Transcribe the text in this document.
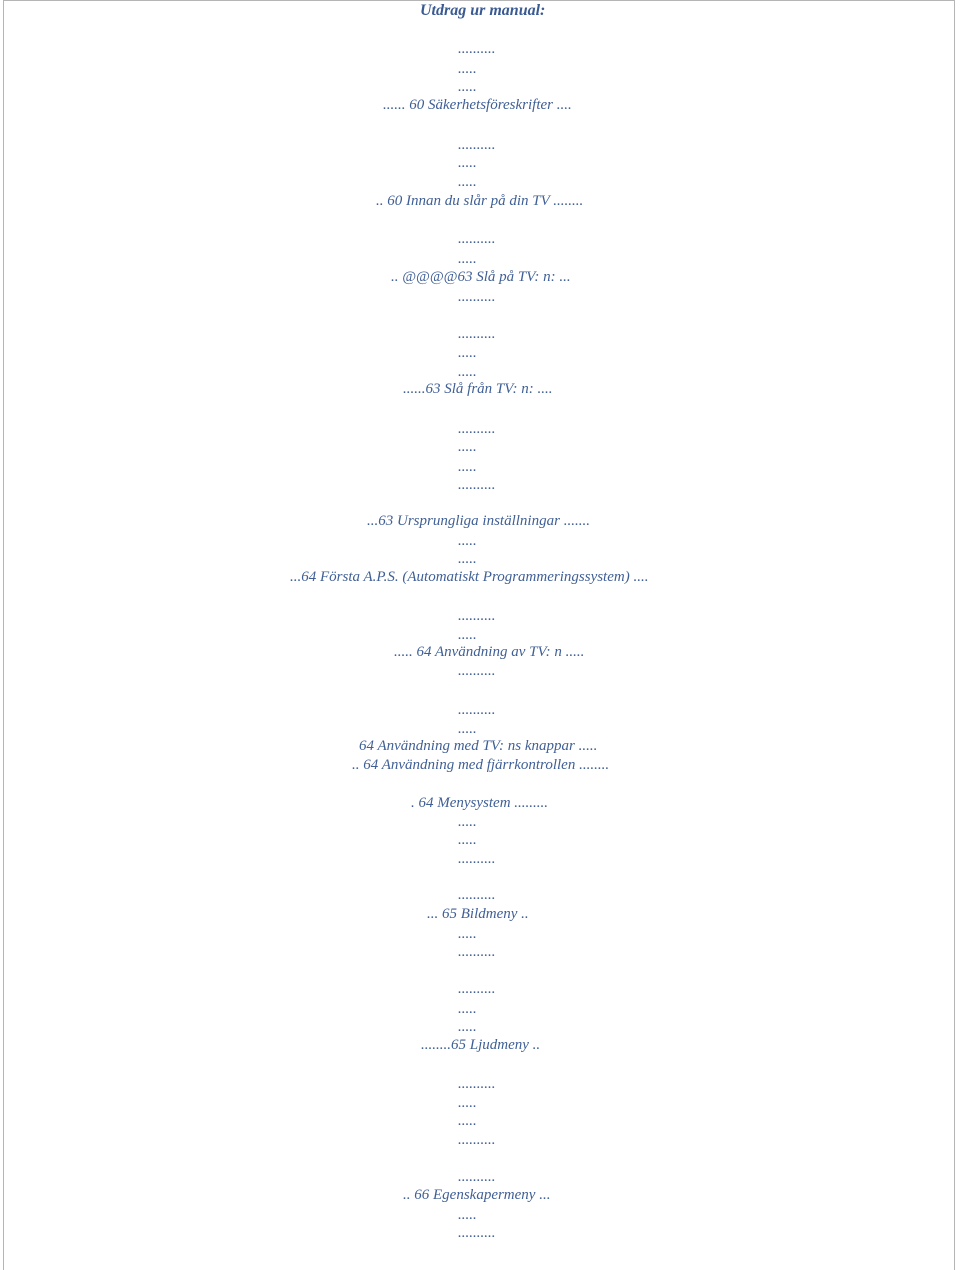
Utdrag ur manual:
..........
.....
.....
...... 60 Säkerhetsföreskrifter ....
..........
.....
.....
.. 60 Innan du slår på din TV ........
..........
.....
.. @@@@63 Slå på TV: n: ...
..........
..........
.....
.....
......63 Slå från TV: n: ....
..........
.....
.....
..........
...63 Ursprungliga inställningar .......
.....
.....
...64 Första A.P.S. (Automatiskt Programmeringssystem) ....
..........
.....
..... 64 Användning av TV: n .....
..........
..........
.....
64 Användning med TV: ns knappar .....
.. 64 Användning med fjärrkontrollen ........
. 64 Menysystem .........
.....
.....
..........
..........
... 65 Bildmeny ..
.....
..........
..........
.....
.....
........65 Ljudmeny ..
..........
.....
.....
..........
..........
.. 66 Egenskapermeny ...
.....
..........
